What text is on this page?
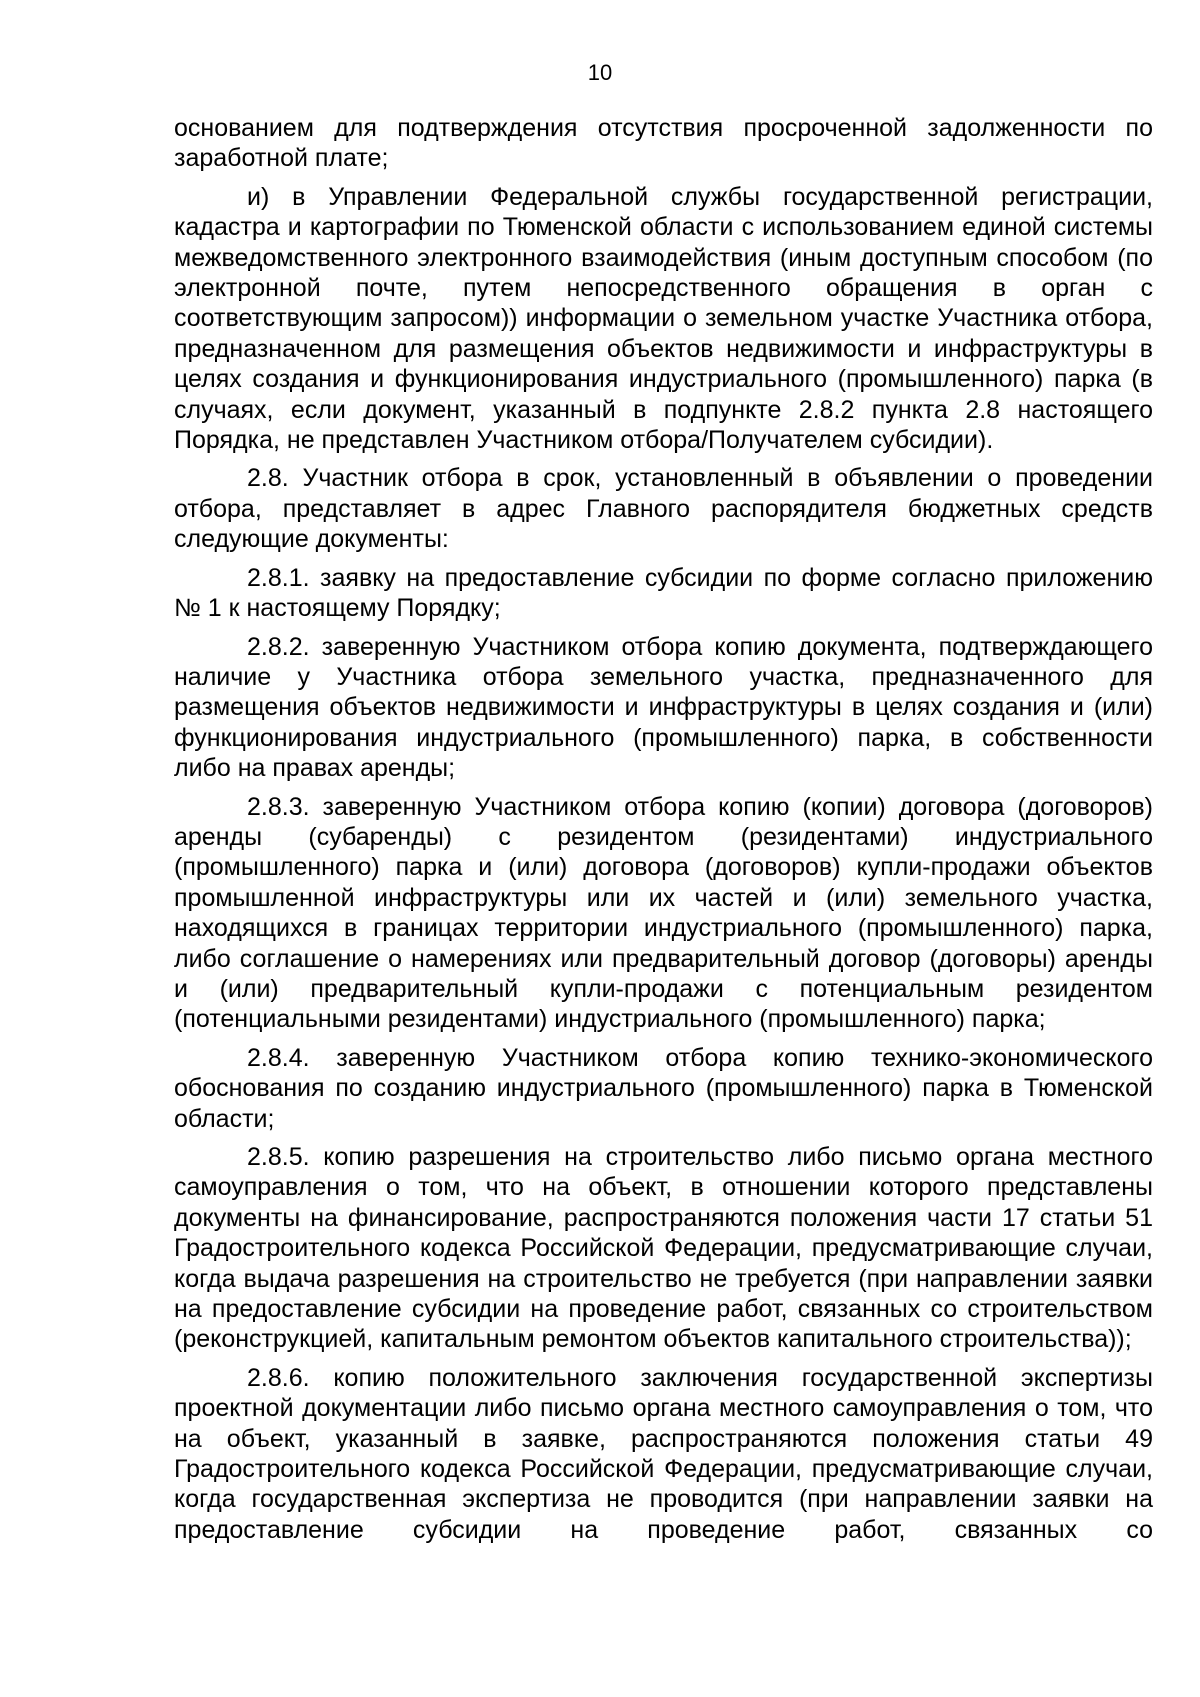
10

основанием для подтверждения отсутствия просроченной задолженности по заработной плате;

и) в Управлении Федеральной службы государственной регистрации, кадастра и картографии по Тюменской области с использованием единой системы межведомственного электронного взаимодействия (иным доступным способом (по электронной почте, путем непосредственного обращения в орган с соответствующим запросом)) информации о земельном участке Участника отбора, предназначенном для размещения объектов недвижимости и инфраструктуры в целях создания и функционирования индустриального (промышленного) парка (в случаях, если документ, указанный в подпункте 2.8.2 пункта 2.8 настоящего Порядка, не представлен Участником отбора/Получателем субсидии).

2.8. Участник отбора в срок, установленный в объявлении о проведении отбора, представляет в адрес Главного распорядителя бюджетных средств следующие документы:

2.8.1. заявку на предоставление субсидии по форме согласно приложению № 1 к настоящему Порядку;

2.8.2. заверенную Участником отбора копию документа, подтверждающего наличие у Участника отбора земельного участка, предназначенного для размещения объектов недвижимости и инфраструктуры в целях создания и (или) функционирования индустриального (промышленного) парка, в собственности либо на правах аренды;

2.8.3. заверенную Участником отбора копию (копии) договора (договоров) аренды (субаренды) с резидентом (резидентами) индустриального (промышленного) парка и (или) договора (договоров) купли-продажи объектов промышленной инфраструктуры или их частей и (или) земельного участка, находящихся в границах территории индустриального (промышленного) парка, либо соглашение о намерениях или предварительный договор (договоры) аренды и (или) предварительный купли-продажи с потенциальным резидентом (потенциальными резидентами) индустриального (промышленного) парка;

2.8.4. заверенную Участником отбора копию технико-экономического обоснования по созданию индустриального (промышленного) парка в Тюменской области;

2.8.5. копию разрешения на строительство либо письмо органа местного самоуправления о том, что на объект, в отношении которого представлены документы на финансирование, распространяются положения части 17 статьи 51 Градостроительного кодекса Российской Федерации, предусматривающие случаи, когда выдача разрешения на строительство не требуется (при направлении заявки на предоставление субсидии на проведение работ, связанных со строительством (реконструкцией, капитальным ремонтом объектов капитального строительства));

2.8.6. копию положительного заключения государственной экспертизы проектной документации либо письмо органа местного самоуправления о том, что на объект, указанный в заявке, распространяются положения статьи 49 Градостроительного кодекса Российской Федерации, предусматривающие случаи, когда государственная экспертиза не проводится (при направлении заявки на предоставление субсидии на проведение работ, связанных со
